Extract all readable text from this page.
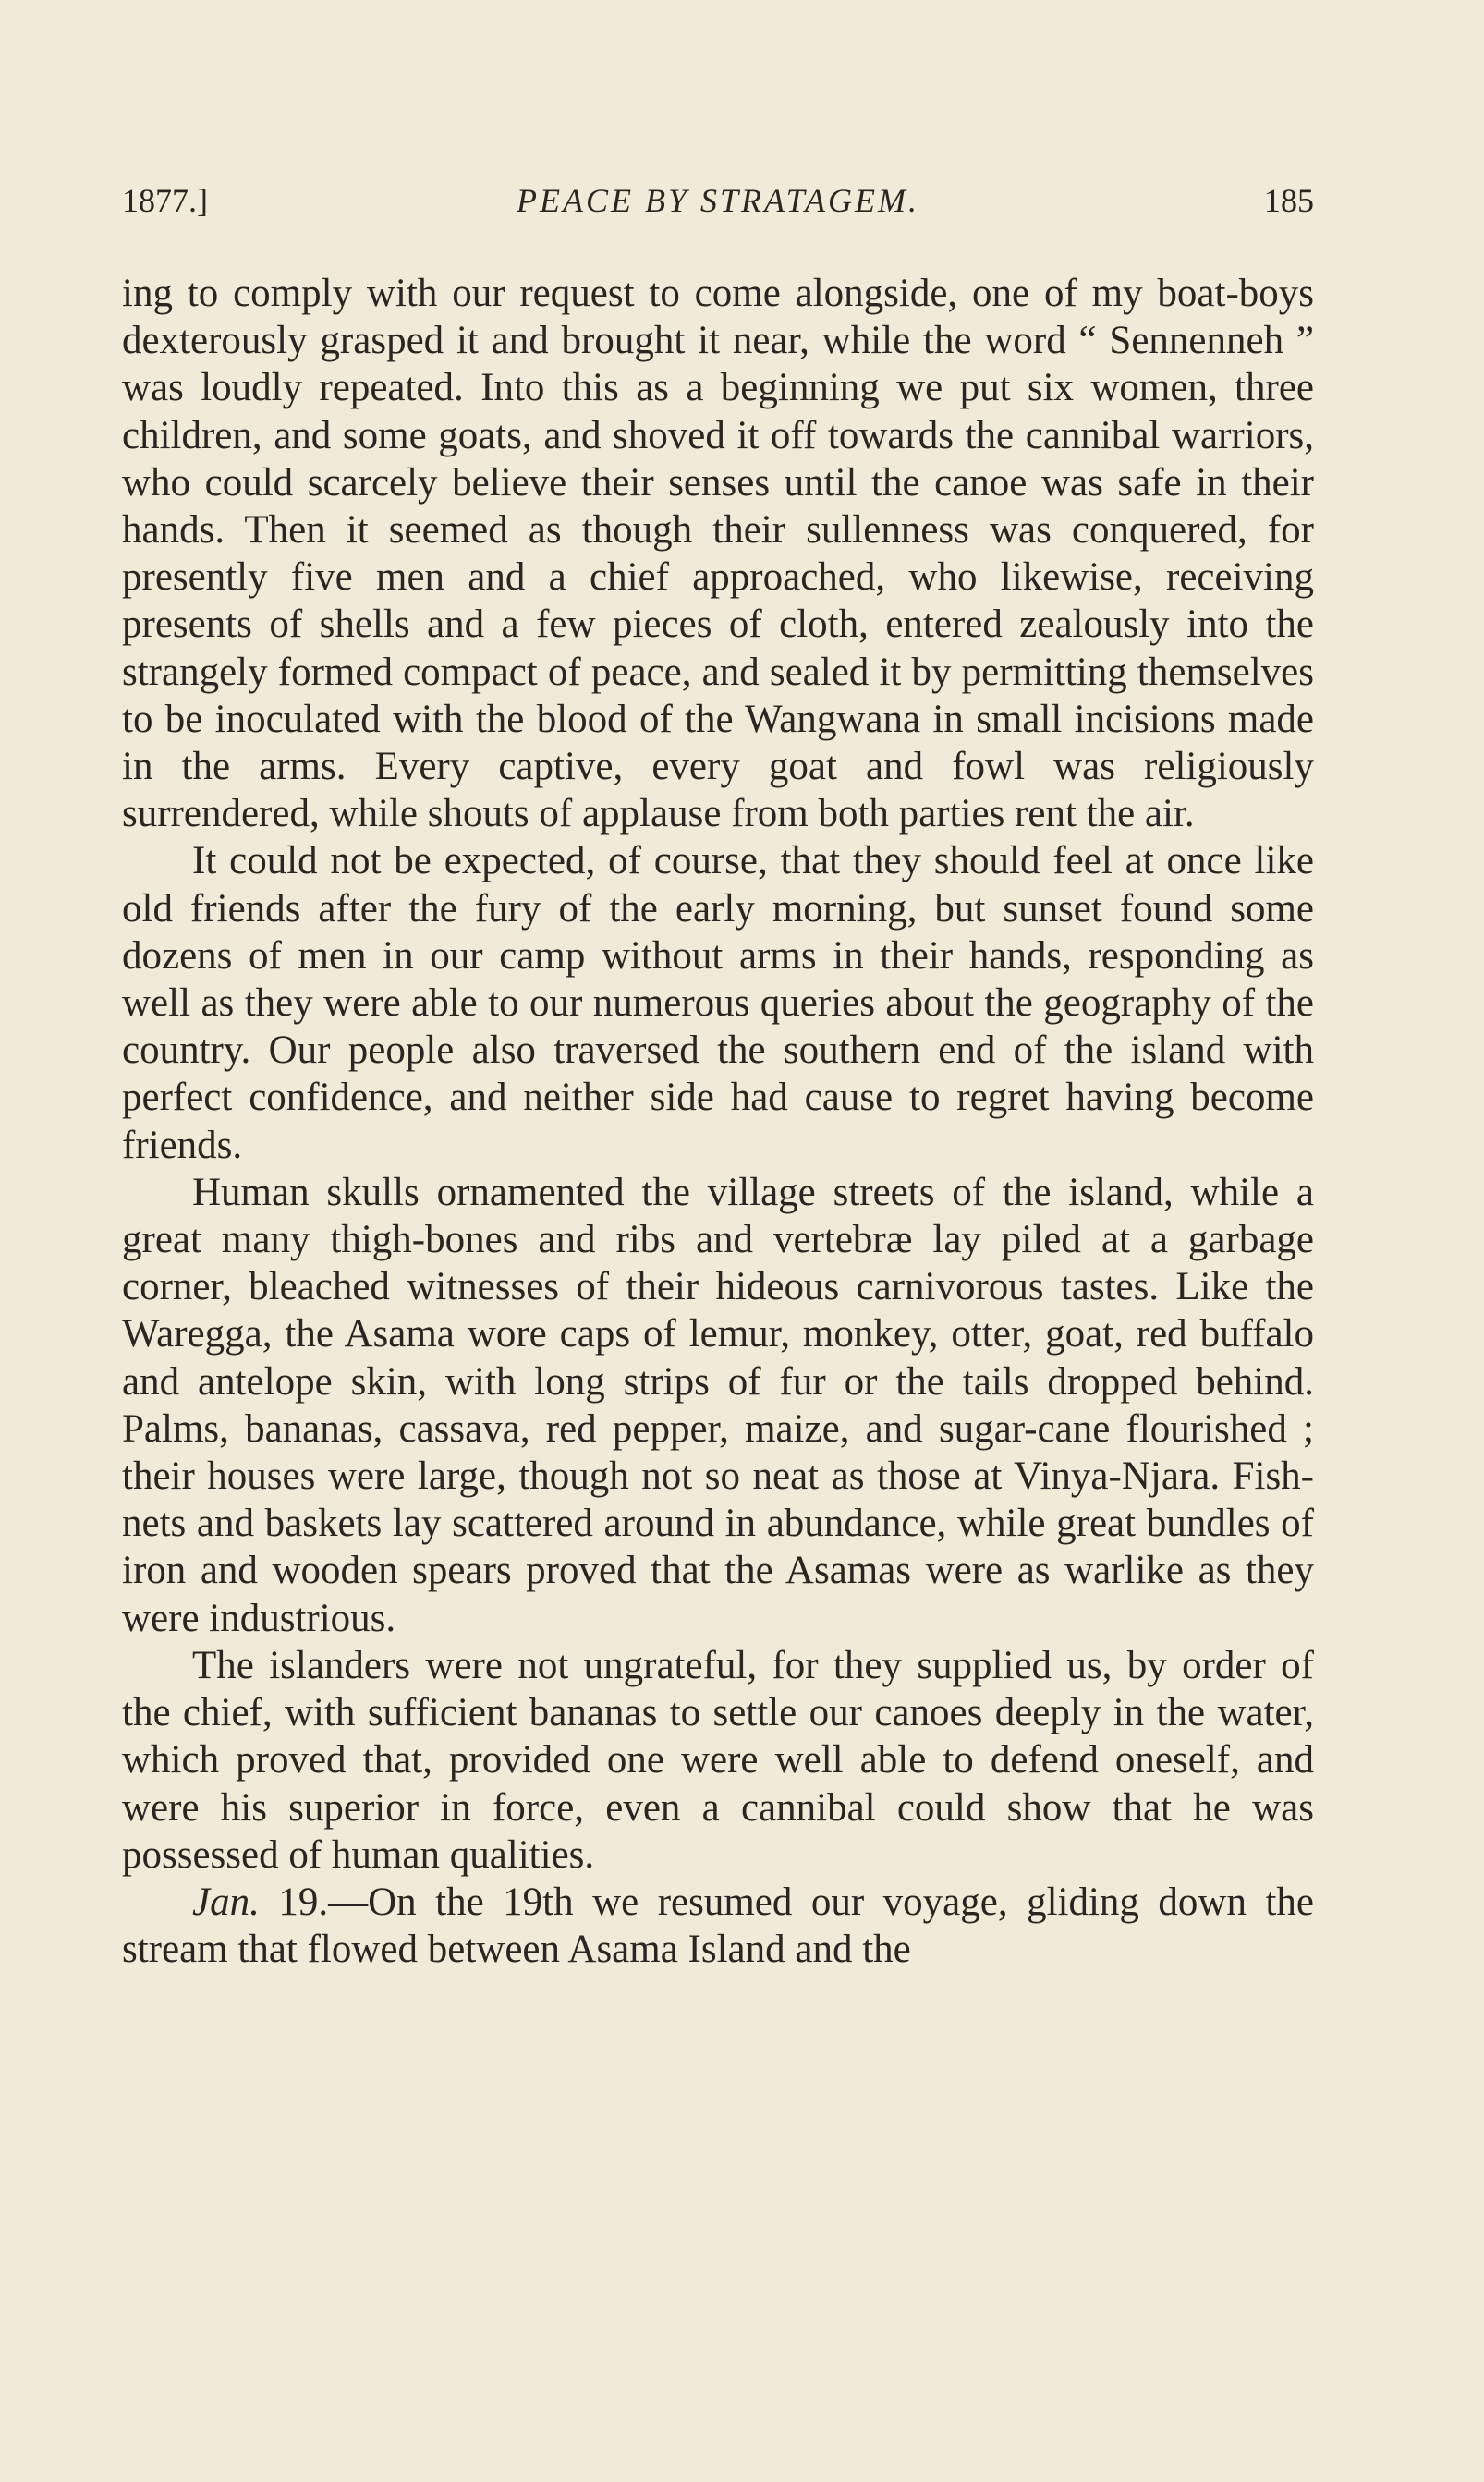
1877.]	PEACE BY STRATAGEM.	185

ing to comply with our request to come alongside, one of my boat-boys dexterously grasped it and brought it near, while the word “ Sennenneh ” was loudly repeated. Into this as a beginning we put six women, three children, and some goats, and shoved it off towards the cannibal warriors, who could scarcely believe their senses until the canoe was safe in their hands. Then it seemed as though their sullenness was conquered, for presently five men and a chief approached, who likewise, receiving presents of shells and a few pieces of cloth, entered zealously into the strangely formed compact of peace, and sealed it by permitting themselves to be inoculated with the blood of the Wangwana in small incisions made in the arms. Every captive, every goat and fowl was religiously surrendered, while shouts of applause from both parties rent the air.

It could not be expected, of course, that they should feel at once like old friends after the fury of the early morning, but sunset found some dozens of men in our camp without arms in their hands, responding as well as they were able to our numerous queries about the geography of the country. Our people also traversed the southern end of the island with perfect confidence, and neither side had cause to regret having become friends.

Human skulls ornamented the village streets of the island, while a great many thigh-bones and ribs and vertebræ lay piled at a garbage corner, bleached witnesses of their hideous carnivorous tastes. Like the Waregga, the Asama wore caps of lemur, monkey, otter, goat, red buffalo and antelope skin, with long strips of fur or the tails dropped behind. Palms, bananas, cassava, red pepper, maize, and sugar-cane flourished ; their houses were large, though not so neat as those at Vinya-Njara. Fish-nets and baskets lay scattered around in abundance, while great bundles of iron and wooden spears proved that the Asamas were as warlike as they were industrious.

The islanders were not ungrateful, for they supplied us, by order of the chief, with sufficient bananas to settle our canoes deeply in the water, which proved that, provided one were well able to defend oneself, and were his superior in force, even a cannibal could show that he was possessed of human qualities.

Jan. 19.—On the 19th we resumed our voyage, gliding down the stream that flowed between Asama Island and the
